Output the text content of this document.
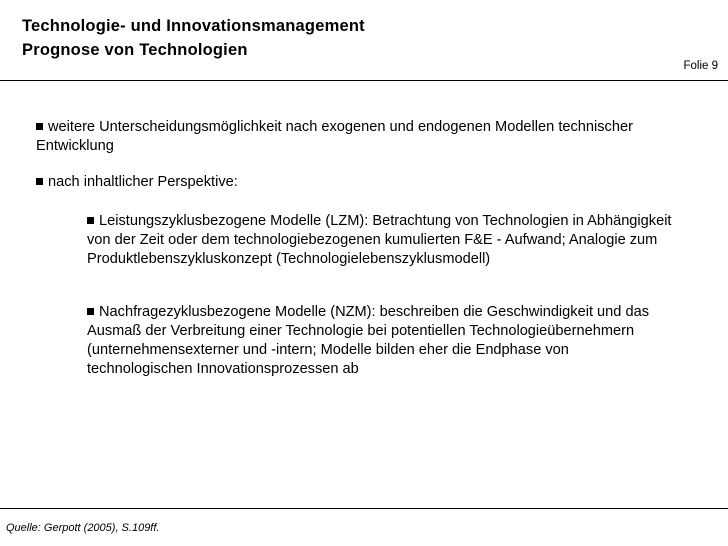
Technologie- und Innovationsmanagement
Prognose von Technologien
Folie 9
weitere Unterscheidungsmöglichkeit nach exogenen und endogenen Modellen technischer Entwicklung
nach inhaltlicher Perspektive:
Leistungszyklusbezogene Modelle (LZM): Betrachtung von Technologien in Abhängigkeit von der Zeit oder dem technologiebezogenen kumulierten F&E - Aufwand; Analogie zum Produktlebenszykluskonzept (Technologielebenszyklusmodell)
Nachfragezyklusbezogene Modelle (NZM): beschreiben die Geschwindigkeit und das Ausmaß der Verbreitung einer Technologie bei potentiellen Technologieübernehmern (unternehmensexterner und -intern; Modelle bilden eher die Endphase von technologischen Innovationsprozessen ab
Quelle: Gerpott (2005), S.109ff.
